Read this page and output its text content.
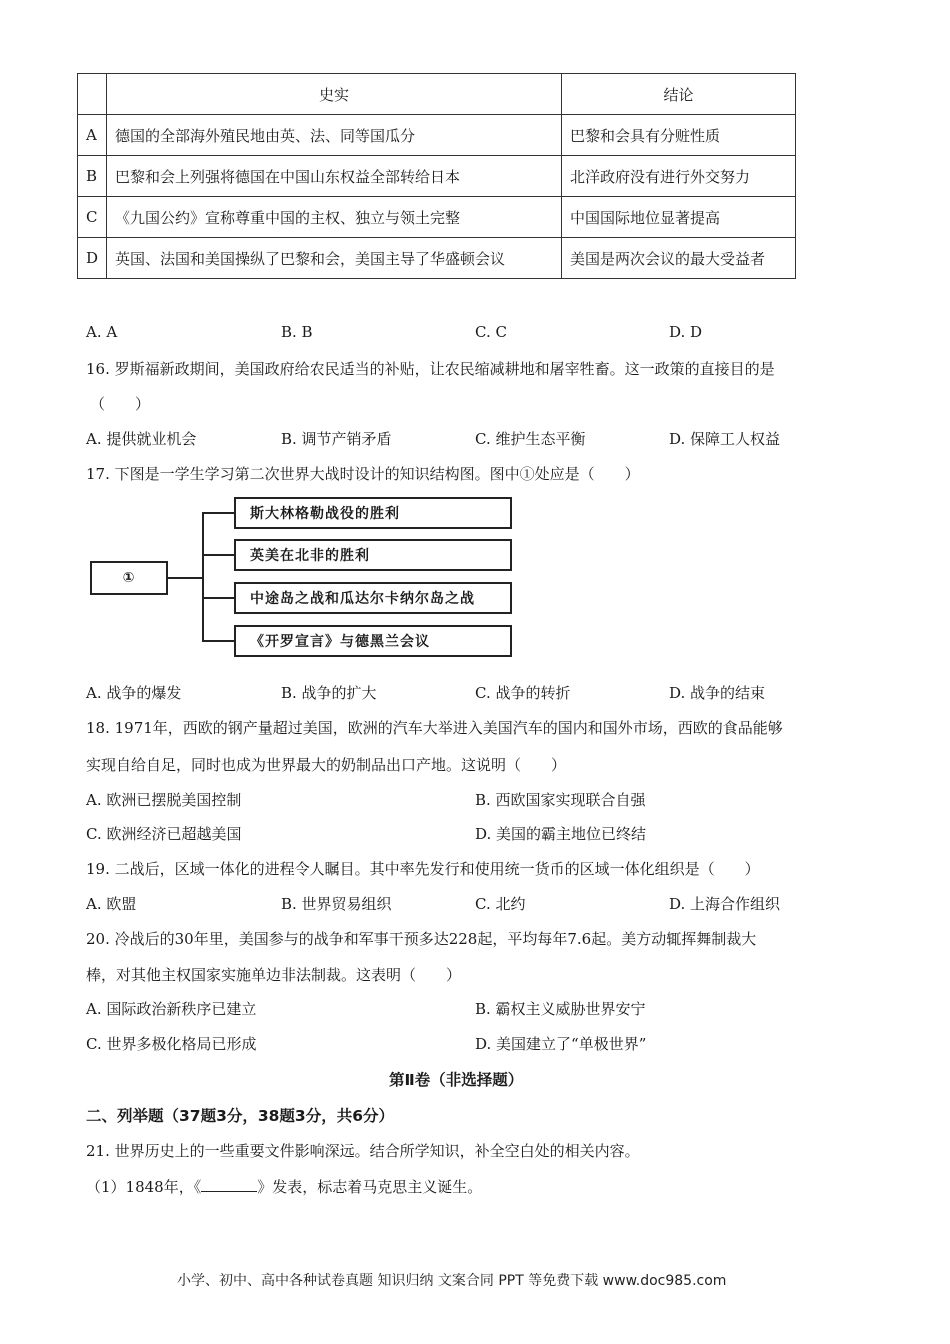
	史实	结论
A	德国的全部海外殖民地由英、法、同等国瓜分	巴黎和会具有分赃性质
B	巴黎和会上列强将德国在中国山东权益全部转给日本	北洋政府没有进行外交努力
C	《九国公约》宣称尊重中国的主权、独立与领土完整	中国国际地位显著提高
D	英国、法国和美国操纵了巴黎和会，美国主导了华盛顿会议	美国是两次会议的最大受益者
A. A	B. B	C. C	D. D
16. 罗斯福新政期间，美国政府给农民适当的补贴，让农民缩减耕地和屠宰牲畜。这一政策的直接目的是
（　　）
A. 提供就业机会	B. 调节产销矛盾	C. 维护生态平衡	D. 保障工人权益
17. 下图是一学生学习第二次世界大战时设计的知识结构图。图中①处应是（　　）
①
斯大林格勒战役的胜利
英美在北非的胜利
中途岛之战和瓜达尔卡纳尔岛之战
《开罗宣言》与德黑兰会议
A. 战争的爆发	B. 战争的扩大	C. 战争的转折	D. 战争的结束
18. 1971年，西欧的钢产量超过美国，欧洲的汽车大举进入美国汽车的国内和国外市场，西欧的食品能够
实现自给自足，同时也成为世界最大的奶制品出口产地。这说明（　　）
A. 欧洲已摆脱美国控制	B. 西欧国家实现联合自强
C. 欧洲经济已超越美国	D. 美国的霸主地位已终结
19. 二战后，区域一体化的进程令人瞩目。其中率先发行和使用统一货币的区域一体化组织是（　　）
A. 欧盟	B. 世界贸易组织	C. 北约	D. 上海合作组织
20. 冷战后的30年里，美国参与的战争和军事干预多达228起，平均每年7.6起。美方动辄挥舞制裁大
棒，对其他主权国家实施单边非法制裁。这表明（　　）
A. 国际政治新秩序已建立	B. 霸权主义威胁世界安宁
C. 世界多极化格局已形成	D. 美国建立了“单极世界”
第Ⅱ卷（非选择题）
二、列举题（37题3分，38题3分，共6分）
21. 世界历史上的一些重要文件影响深远。结合所学知识，补全空白处的相关内容。
（1）1848年，《	》发表，标志着马克思主义诞生。
小学、初中、高中各种试卷真题 知识归纳 文案合同 PPT 等免费下载 www.doc985.com
